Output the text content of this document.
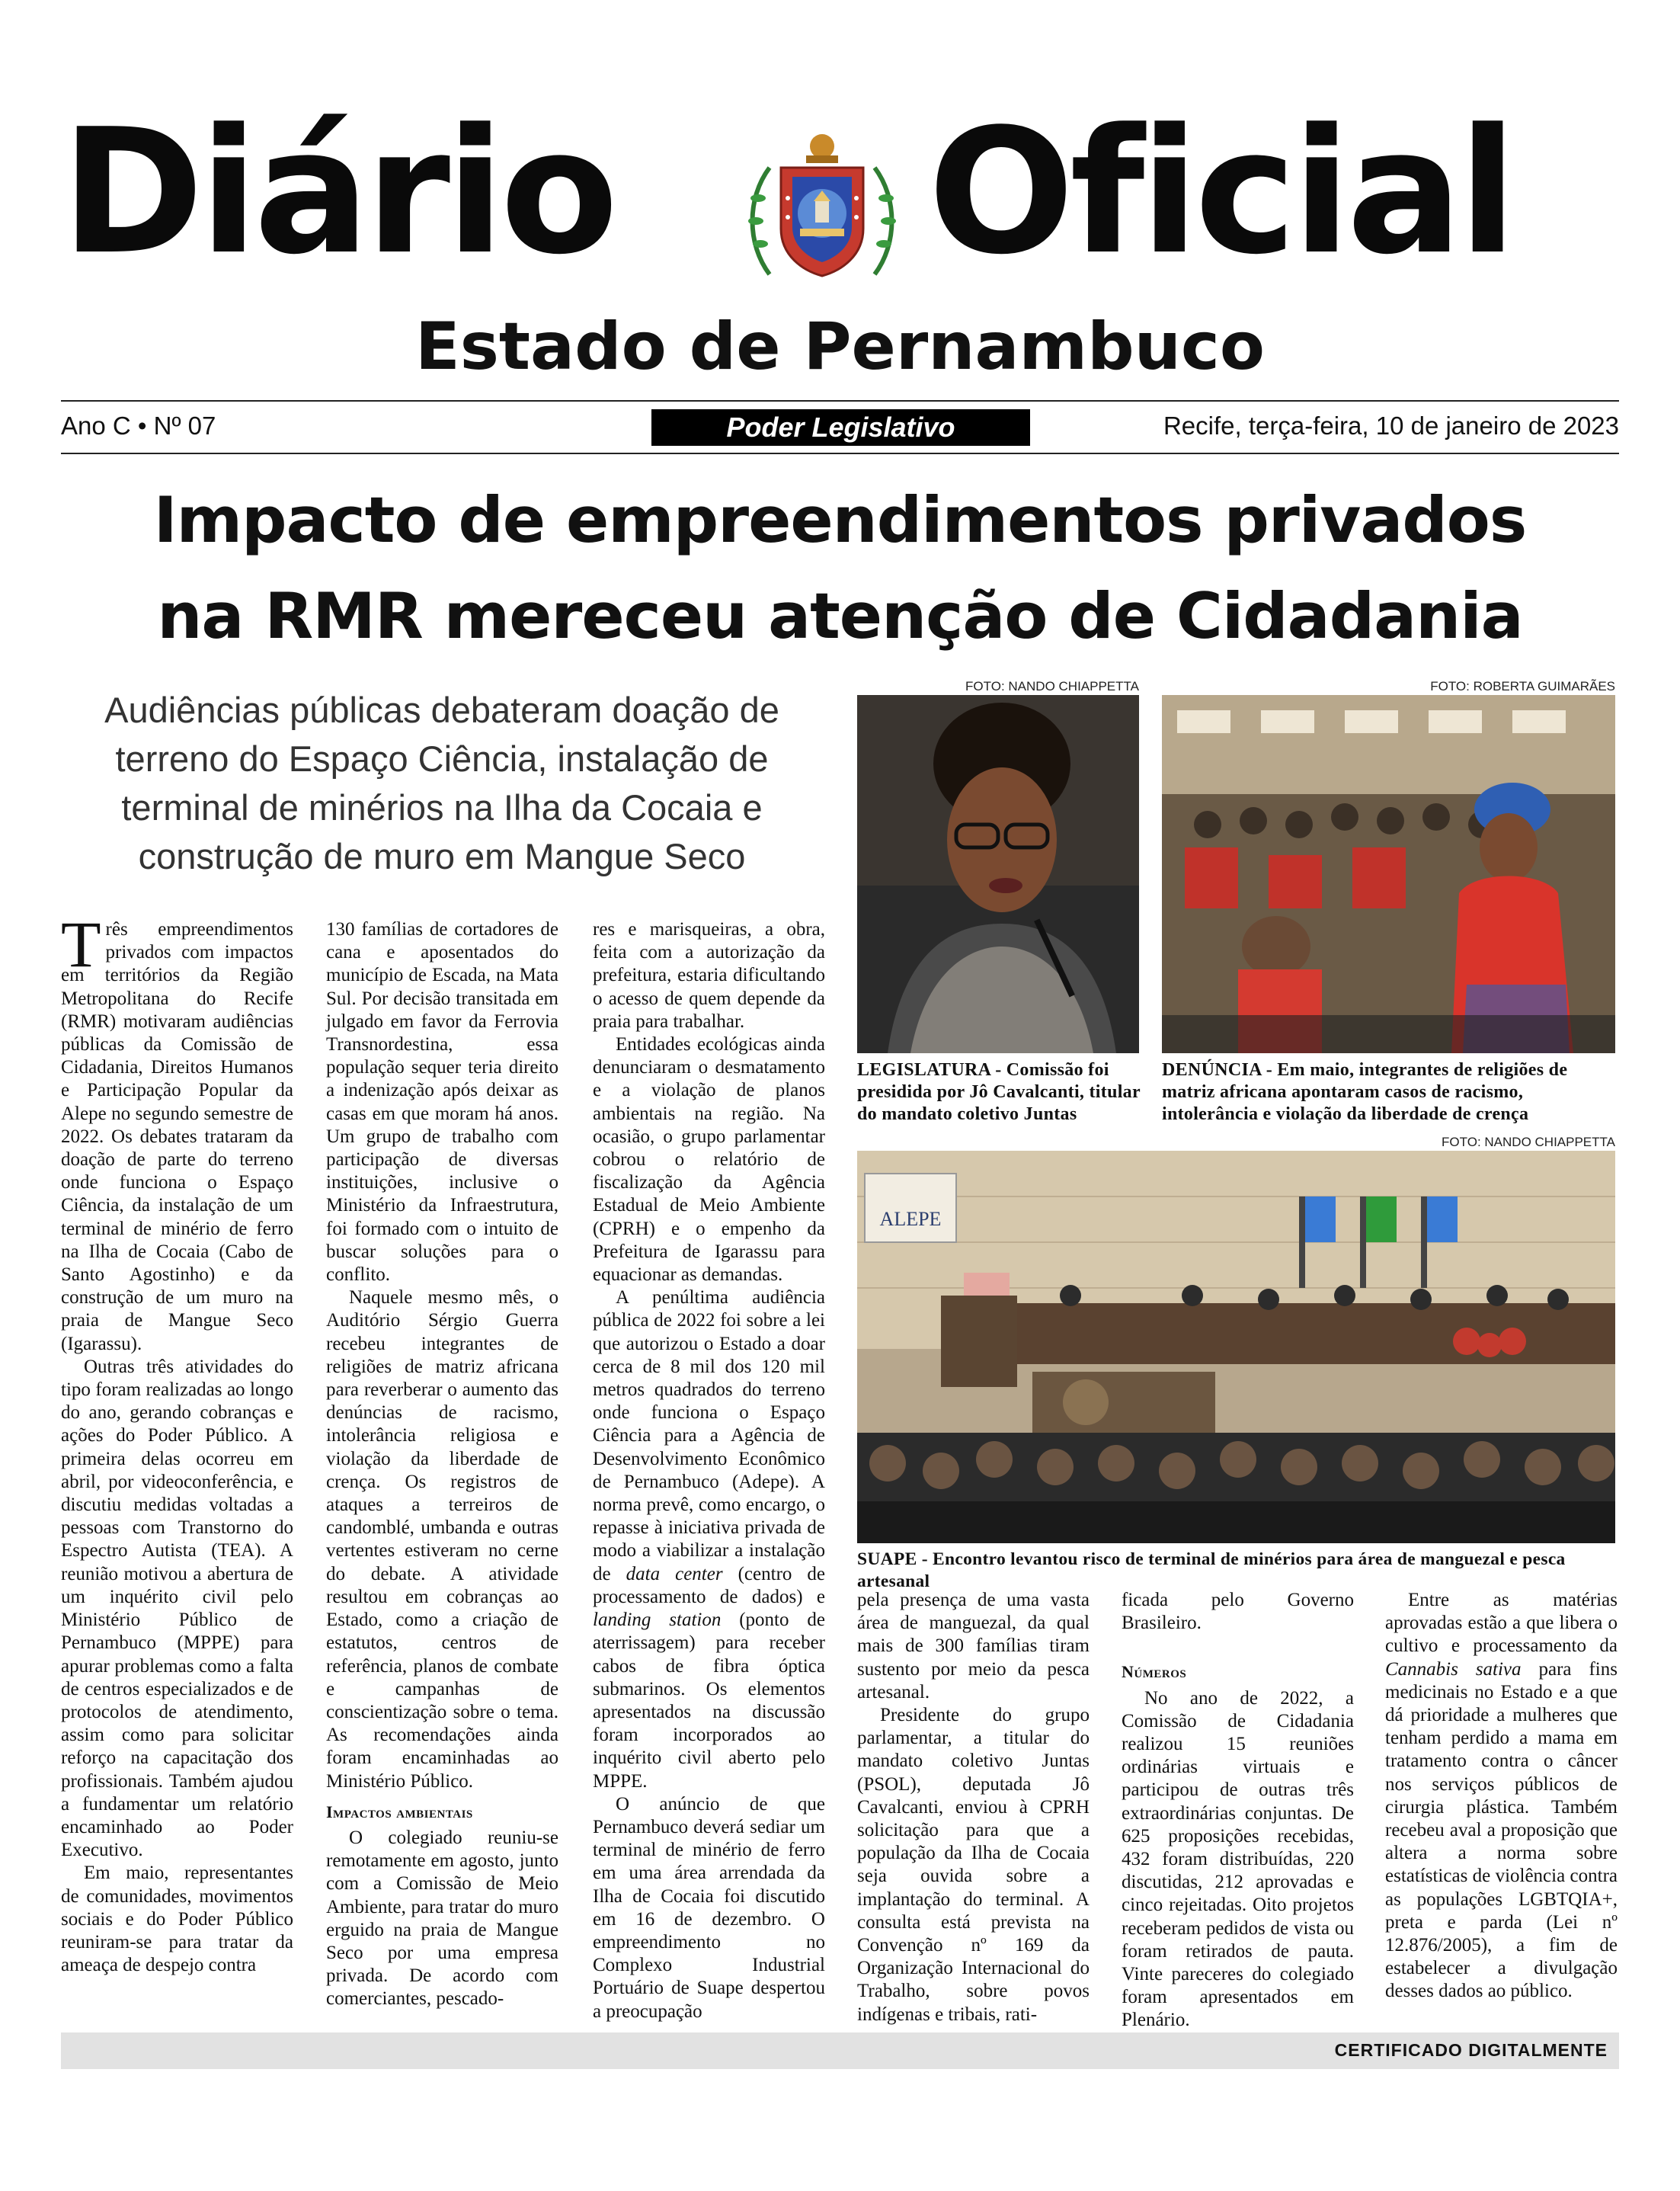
Diário Oficial
Estado de Pernambuco
Ano C • Nº 07	Poder Legislativo	Recife, terça-feira, 10 de janeiro de 2023
Impacto de empreendimentos privados
na RMR mereceu atenção de Cidadania
Audiências públicas debateram doação de terreno do Espaço Ciência, instalação de terminal de minérios na Ilha da Cocaia e construção de muro em Mangue Seco

Três empreendimentos privados com impactos em territórios da Região Metropolitana do Recife (RMR) motivaram audiências públicas da Comissão de Cidadania, Direitos Humanos e Participação Popular da Alepe no segundo semestre de 2022. Os debates trataram da doação de parte do terreno onde funciona o Espaço Ciência, da instalação de um terminal de minério de ferro na Ilha de Cocaia (Cabo de Santo Agostinho) e da construção de um muro na praia de Mangue Seco (Igarassu).

Outras três atividades do tipo foram realizadas ao longo do ano, gerando cobranças e ações do Poder Público. A primeira delas ocorreu em abril, por videoconferência, e discutiu medidas voltadas a pessoas com Transtorno do Espectro Autista (TEA). A reunião motivou a abertura de um inquérito civil pelo Ministério Público de Pernambuco (MPPE) para apurar problemas como a falta de centros especializados e de protocolos de atendimento, assim como para solicitar reforço na capacitação dos profissionais. Também ajudou a fundamentar um relatório encaminhado ao Poder Executivo.

Em maio, representantes de comunidades, movimentos sociais e do Poder Público reuniram-se para tratar da ameaça de despejo contra

130 famílias de cortadores de cana e aposentados do município de Escada, na Mata Sul. Por decisão transitada em julgado em favor da Ferrovia Transnordestina, essa população sequer teria direito a indenização após deixar as casas em que moram há anos. Um grupo de trabalho com participação de diversas instituições, inclusive o Ministério da Infraestrutura, foi formado com o intuito de buscar soluções para o conflito.

Naquele mesmo mês, o Auditório Sérgio Guerra recebeu integrantes de religiões de matriz africana para reverberar o aumento das denúncias de racismo, intolerância religiosa e violação da liberdade de crença. Os registros de ataques a terreiros de candomblé, umbanda e outras vertentes estiveram no cerne do debate. A atividade resultou em cobranças ao Estado, como a criação de estatutos, centros de referência, planos de combate e campanhas de conscientização sobre o tema. As recomendações ainda foram encaminhadas ao Ministério Público.

Impactos ambientais

O colegiado reuniu-se remotamente em agosto, junto com a Comissão de Meio Ambiente, para tratar do muro erguido na praia de Mangue Seco por uma empresa privada. De acordo com comerciantes, pescado-

res e marisqueiras, a obra, feita com a autorização da prefeitura, estaria dificultando o acesso de quem depende da praia para trabalhar.

Entidades ecológicas ainda denunciaram o desmatamento e a violação de planos ambientais na região. Na ocasião, o grupo parlamentar cobrou o relatório de fiscalização da Agência Estadual de Meio Ambiente (CPRH) e o empenho da Prefeitura de Igarassu para equacionar as demandas.

A penúltima audiência pública de 2022 foi sobre a lei que autorizou o Estado a doar cerca de 8 mil dos 120 mil metros quadrados do terreno onde funciona o Espaço Ciência para a Agência de Desenvolvimento Econômico de Pernambuco (Adepe). A norma prevê, como encargo, o repasse à iniciativa privada de modo a viabilizar a instalação de data center (centro de processamento de dados) e landing station (ponto de aterrissagem) para receber cabos de fibra óptica submarinos. Os elementos apresentados na discussão foram incorporados ao inquérito civil aberto pelo MPPE.

O anúncio de que Pernambuco deverá sediar um terminal de minério de ferro em uma área arrendada da Ilha de Cocaia foi discutido em 16 de dezembro. O empreendimento no Complexo Industrial Portuário de Suape despertou a preocupação

FOTO: NANDO CHIAPPETTA
LEGISLATURA - Comissão foi presidida por Jô Cavalcanti, titular do mandato coletivo Juntas
FOTO: ROBERTA GUIMARÃES
DENÚNCIA - Em maio, integrantes de religiões de matriz africana apontaram casos de racismo, intolerância e violação da liberdade de crença
FOTO: NANDO CHIAPPETTA
ALEPE
SUAPE - Encontro levantou risco de terminal de minérios para área de manguezal e pesca artesanal

pela presença de uma vasta área de manguezal, da qual mais de 300 famílias tiram sustento por meio da pesca artesanal.

Presidente do grupo parlamentar, a titular do mandato coletivo Juntas (PSOL), deputada Jô Cavalcanti, enviou à CPRH solicitação para que a população da Ilha de Cocaia seja ouvida sobre a implantação do terminal. A consulta está prevista na Convenção nº 169 da Organização Internacional do Trabalho, sobre povos indígenas e tribais, rati-

ficada pelo Governo Brasileiro.

Números

No ano de 2022, a Comissão de Cidadania realizou 15 reuniões ordinárias virtuais e participou de outras três extraordinárias conjuntas. De 625 proposições recebidas, 432 foram distribuídas, 220 discutidas, 212 aprovadas e cinco rejeitadas. Oito projetos receberam pedidos de vista ou foram retirados de pauta. Vinte pareceres do colegiado foram apresentados em Plenário.

Entre as matérias aprovadas estão a que libera o cultivo e processamento da Cannabis sativa para fins medicinais no Estado e a que dá prioridade a mulheres que tenham perdido a mama em tratamento contra o câncer nos serviços públicos de cirurgia plástica. Também recebeu aval a proposição que altera a norma sobre estatísticas de violência contra as populações LGBTQIA+, preta e parda (Lei nº 12.876/2005), a fim de estabelecer a divulgação desses dados ao público.

CERTIFICADO DIGITALMENTE
